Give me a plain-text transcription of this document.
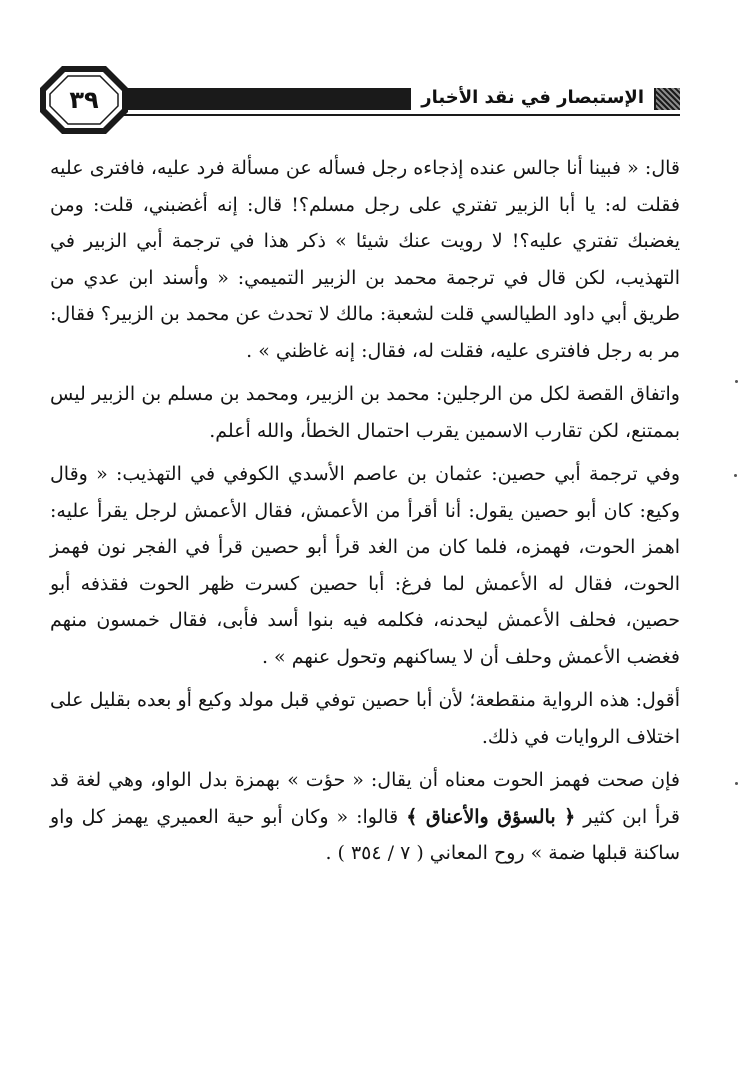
الإستبصار في نقد الأخبار
٣٩

قال: « فبينا أنا جالس عنده إذجاءه رجل فسأله عن مسألة فرد عليه، فافترى عليه فقلت له: يا أبا الزبير تفتري على رجل مسلم؟! قال: إنه أغضبني، قلت: ومن يغضبك تفتري عليه؟! لا رويت عنك شيئا » ذكر هذا في ترجمة أبي الزبير في التهذيب، لكن قال في ترجمة محمد بن الزبير التميمي: « وأسند ابن عدي من طريق أبي داود الطيالسي قلت لشعبة: مالك لا تحدث عن محمد بن الزبير؟ فقال: مر به رجل فافترى عليه، فقلت له، فقال: إنه غاظني » .

واتفاق القصة لكل من الرجلين: محمد بن الزبير، ومحمد بن مسلم بن الزبير ليس بممتنع، لكن تقارب الاسمين يقرب احتمال الخطأ، والله أعلم.

وفي ترجمة أبي حصين: عثمان بن عاصم الأسدي الكوفي في التهذيب: « وقال وكيع: كان أبو حصين يقول: أنا أقرأ من الأعمش، فقال الأعمش لرجل يقرأ عليه: اهمز الحوت، فهمزه، فلما كان من الغد قرأ أبو حصين قرأ في الفجر نون فهمز الحوت، فقال له الأعمش لما فرغ: أبا حصين كسرت ظهر الحوت فقذفه أبو حصين، فحلف الأعمش ليحدنه، فكلمه فيه بنوا أسد فأبى، فقال خمسون منهم فغضب الأعمش وحلف أن لا يساكنهم وتحول عنهم » .

أقول: هذه الرواية منقطعة؛ لأن أبا حصين توفي قبل مولد وكيع أو بعده بقليل على اختلاف الروايات في ذلك.

فإن صحت فهمز الحوت معناه أن يقال: « حؤت » بهمزة بدل الواو، وهي لغة قد قرأ ابن كثير ﴿ بالسؤق والأعناق ﴾ قالوا: « وكان أبو حية العميري يهمز كل واو ساكنة قبلها ضمة » روح المعاني ( ٧ / ٣٥٤ ) .
